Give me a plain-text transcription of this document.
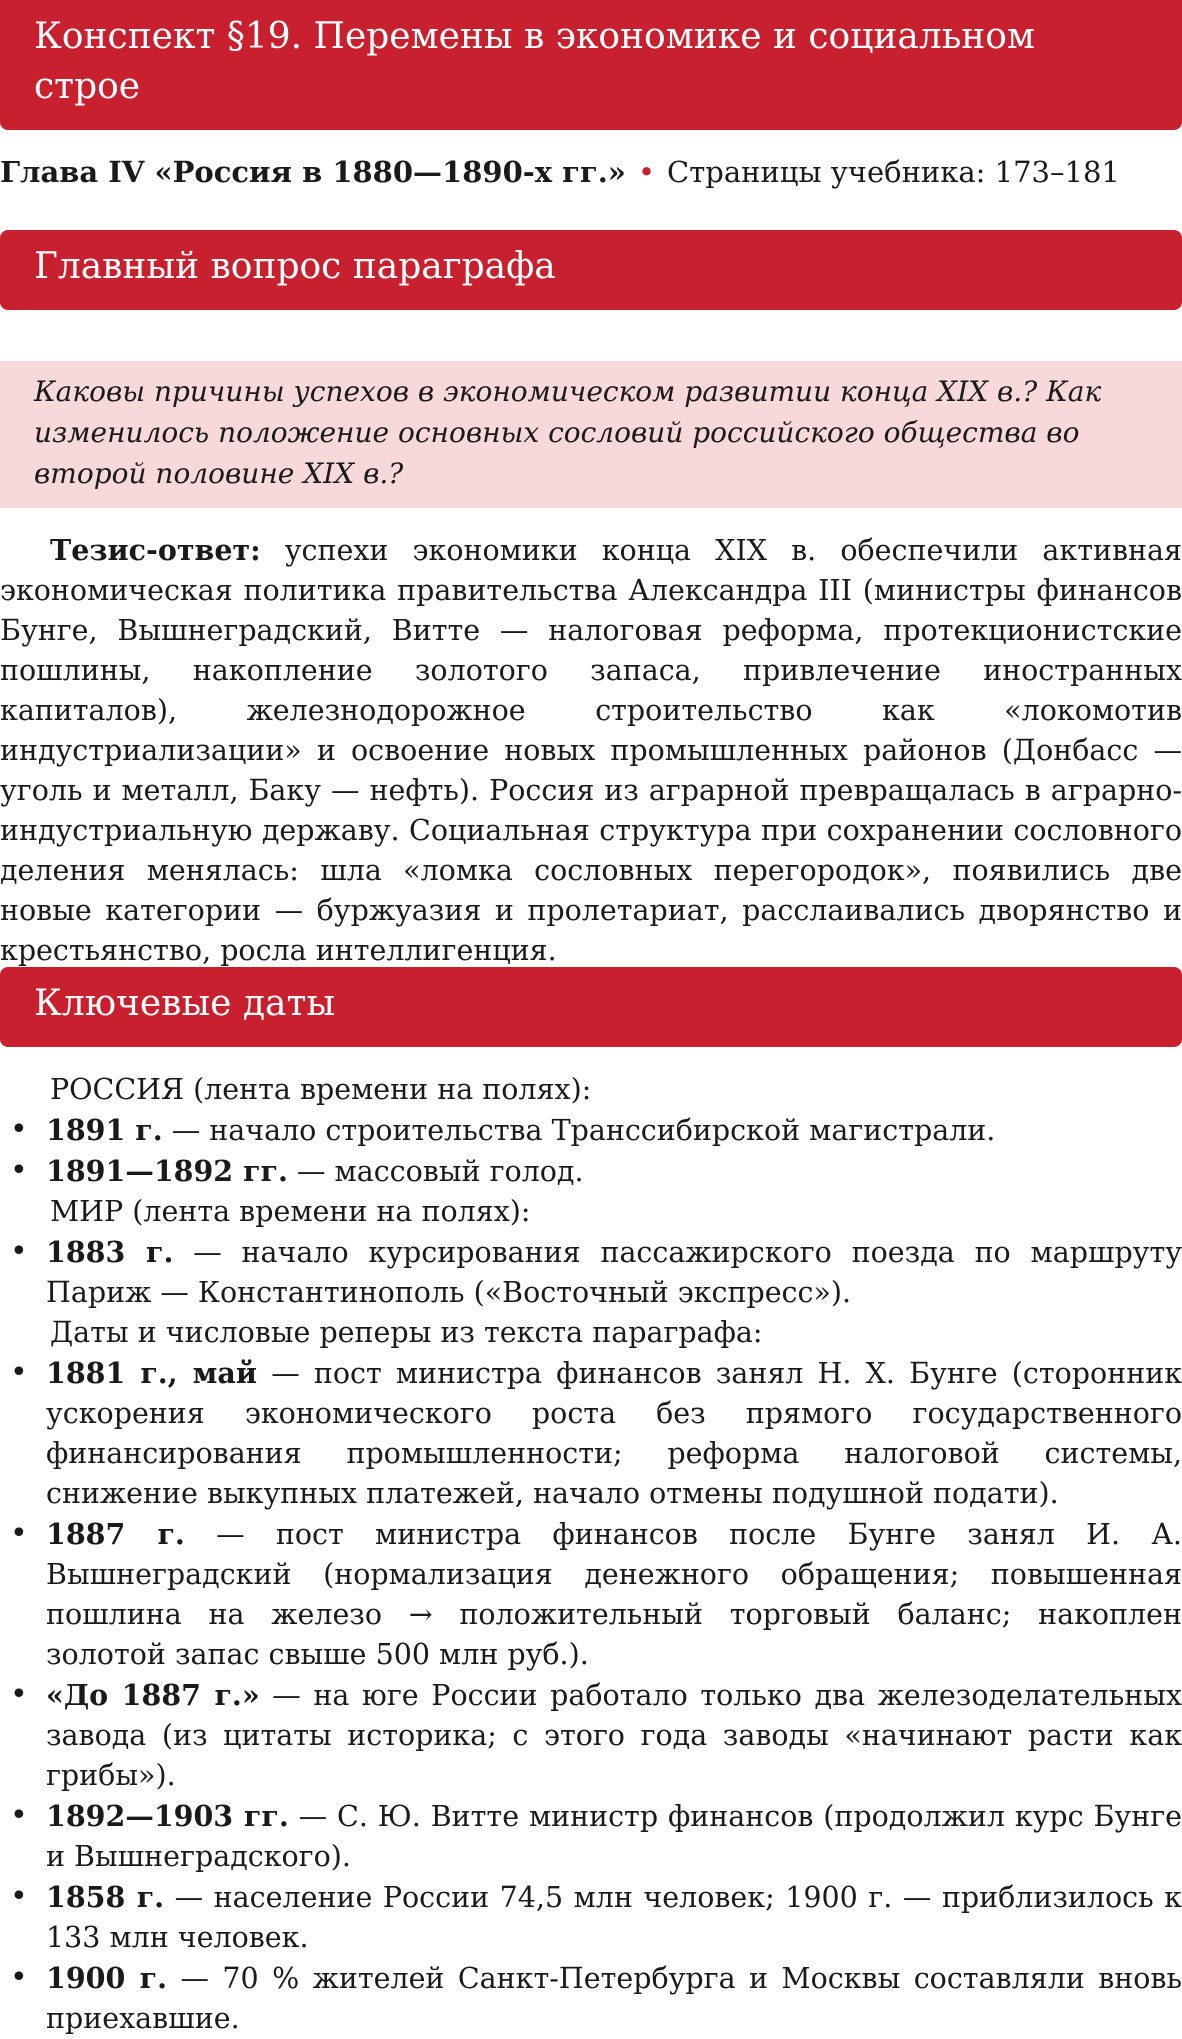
Конспект §19. Перемены в экономике и социальном строе
Глава IV «Россия в 1880—1890-х гг.» • Страницы учебника: 173–181
Главный вопрос параграфа
Каковы причины успехов в экономическом развитии конца XIX в.? Как изменилось положение основных сословий российского общества во второй половине XIX в.?

Тезис-ответ: успехи экономики конца XIX в. обеспечили активная экономическая политика правительства Александра III (министры финансов Бунге, Вышнеградский, Витте — налоговая реформа, протекционистские пошлины, накопление золотого запаса, привлечение иностранных капиталов), железнодорожное строительство как «локомотив индустриализации» и освоение новых промышленных районов (Донбасс — уголь и металл, Баку — нефть). Россия из аграрной превращалась в аграрно-индустриальную державу. Социальная структура при сохранении сословного деления менялась: шла «ломка сословных перегородок», появились две новые категории — буржуазия и пролетариат, расслаивались дворянство и крестьянство, росла интеллигенция.

Ключевые даты

РОССИЯ (лента времени на полях):

• 1891 г. — начало строительства Транссибирской магистрали.
• 1891—1892 гг. — массовый голод.

МИР (лента времени на полях):

• 1883 г. — начало курсирования пассажирского поезда по маршруту Париж — Константинополь («Восточный экспресс»).

Даты и числовые реперы из текста параграфа:

• 1881 г., май — пост министра финансов занял Н. Х. Бунге (сторонник ускорения экономического роста без прямого государственного финансирования промышленности; реформа налоговой системы, снижение выкупных платежей, начало отмены подушной подати).
• 1887 г. — пост министра финансов после Бунге занял И. А. Вышнеградский (нормализация денежного обращения; повышенная пошлина на железо → положительный торговый баланс; накоплен золотой запас свыше 500 млн руб.).
• «До 1887 г.» — на юге России работало только два железоделательных завода (из цитаты историка; с этого года заводы «начинают расти как грибы»).
• 1892—1903 гг. — С. Ю. Витте министр финансов (продолжил курс Бунге и Вышнеградского).
• 1858 г. — население России 74,5 млн человек; 1900 г. — приблизилось к 133 млн человек.
• 1900 г. — 70 % жителей Санкт-Петербурга и Москвы составляли вновь приехавшие.
